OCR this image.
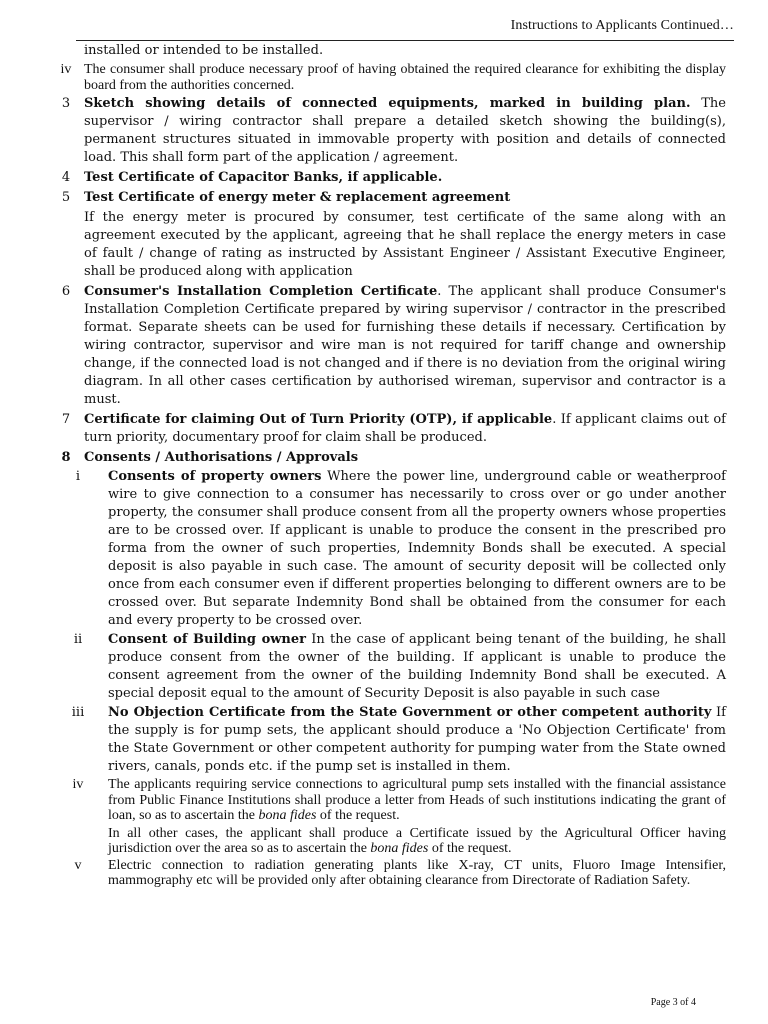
Instructions to Applicants Continued…

installed or intended to be installed.

iv The consumer shall produce necessary proof of having obtained the required clearance for exhibiting the display board from the authorities concerned.
3	Sketch showing details of connected equipments, marked in building plan. The supervisor / wiring contractor shall prepare a detailed sketch showing the building(s), permanent structures situated in immovable property with position and details of connected load. This shall form part of the application / agreement.
4	Test Certificate of Capacitor Banks, if applicable.
5	Test Certificate of energy meter & replacement agreement

If the energy meter is procured by consumer, test certificate of the same along with an agreement executed by the applicant, agreeing that he shall replace the energy meters in case of fault / change of rating as instructed by Assistant Engineer / Assistant Executive Engineer, shall be produced along with application

6	Consumer's Installation Completion Certificate. The applicant shall produce Consumer's Installation Completion Certificate prepared by wiring supervisor / contractor in the prescribed format. Separate sheets can be used for furnishing these details if necessary. Certification by wiring contractor, supervisor and wire man is not required for tariff change and ownership change, if the connected load is not changed and if there is no deviation from the original wiring diagram. In all other cases certification by authorised wireman, supervisor and contractor is a must.
7	Certificate for claiming Out of Turn Priority (OTP), if applicable. If applicant claims out of turn priority, documentary proof for claim shall be produced.
8	Consents / Authorisations / Approvals
i	Consents of property owners Where the power line, underground cable or weatherproof wire to give connection to a consumer has necessarily to cross over or go under another property, the consumer shall produce consent from all the property owners whose properties are to be crossed over. If applicant is unable to produce the consent in the prescribed pro forma from the owner of such properties, Indemnity Bonds shall be executed. A special deposit is also payable in such case. The amount of security deposit will be collected only once from each consumer even if different properties belonging to different owners are to be crossed over. But separate Indemnity Bond shall be obtained from the consumer for each and every property to be crossed over.
ii	Consent of Building owner In the case of applicant being tenant of the building, he shall produce consent from the owner of the building. If applicant is unable to produce the consent agreement from the owner of the building Indemnity Bond shall be executed. A special deposit equal to the amount of Security Deposit is also payable in such case
iii	No Objection Certificate from the State Government or other competent authority If the supply is for pump sets, the applicant should produce a 'No Objection Certificate' from the State Government or other competent authority for pumping water from the State owned rivers, canals, ponds etc. if the pump set is installed in them.
iv	The applicants requiring service connections to agricultural pump sets installed with the financial assistance from Public Finance Institutions shall produce a letter from Heads of such institutions indicating the grant of loan, so as to ascertain the bona fides of the request.

In all other cases, the applicant shall produce a Certificate issued by the Agricultural Officer having jurisdiction over the area so as to ascertain the bona fides of the request.

v	Electric connection to radiation generating plants like X-ray, CT units, Fluoro Image Intensifier, mammography etc will be provided only after obtaining clearance from Directorate of Radiation Safety.
Page 3 of 4
